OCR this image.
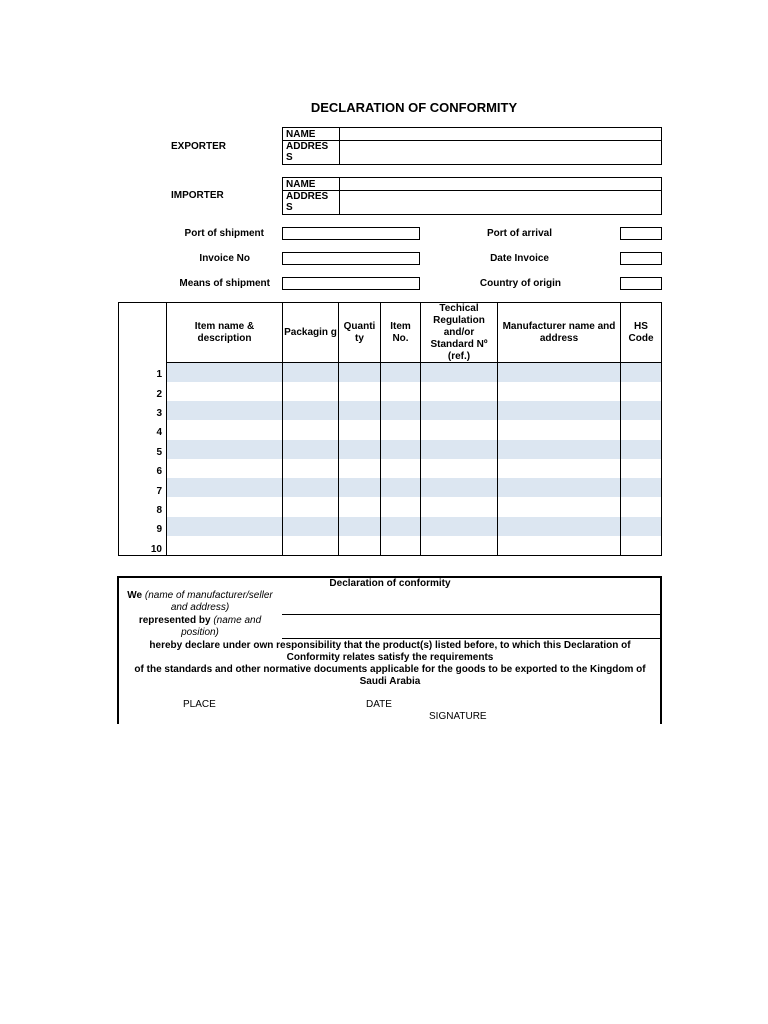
DECLARATION OF CONFORMITY
EXPORTER
NAME
ADDRES S
IMPORTER
NAME
ADDRES S
Port of shipment
Invoice No
Means of shipment
Port of arrival
Date Invoice
Country of origin
Item name & description
Packagin g
Quanti ty
Item No.
Techical Regulation and/or Standard Nº (ref.)
Manufacturer name and address
HS Code
1
2
3
4
5
6
7
8
9
10
Declaration of conformity
We (name of manufacturer/seller and address)
represented by (name and position)
hereby declare under own responsibility that the product(s) listed before, to which this Declaration of Conformity relates satisfy the requirements
of the standards and other normative documents applicable for the goods to be exported to the Kingdom of Saudi Arabia
PLACE	DATE
SIGNATURE
